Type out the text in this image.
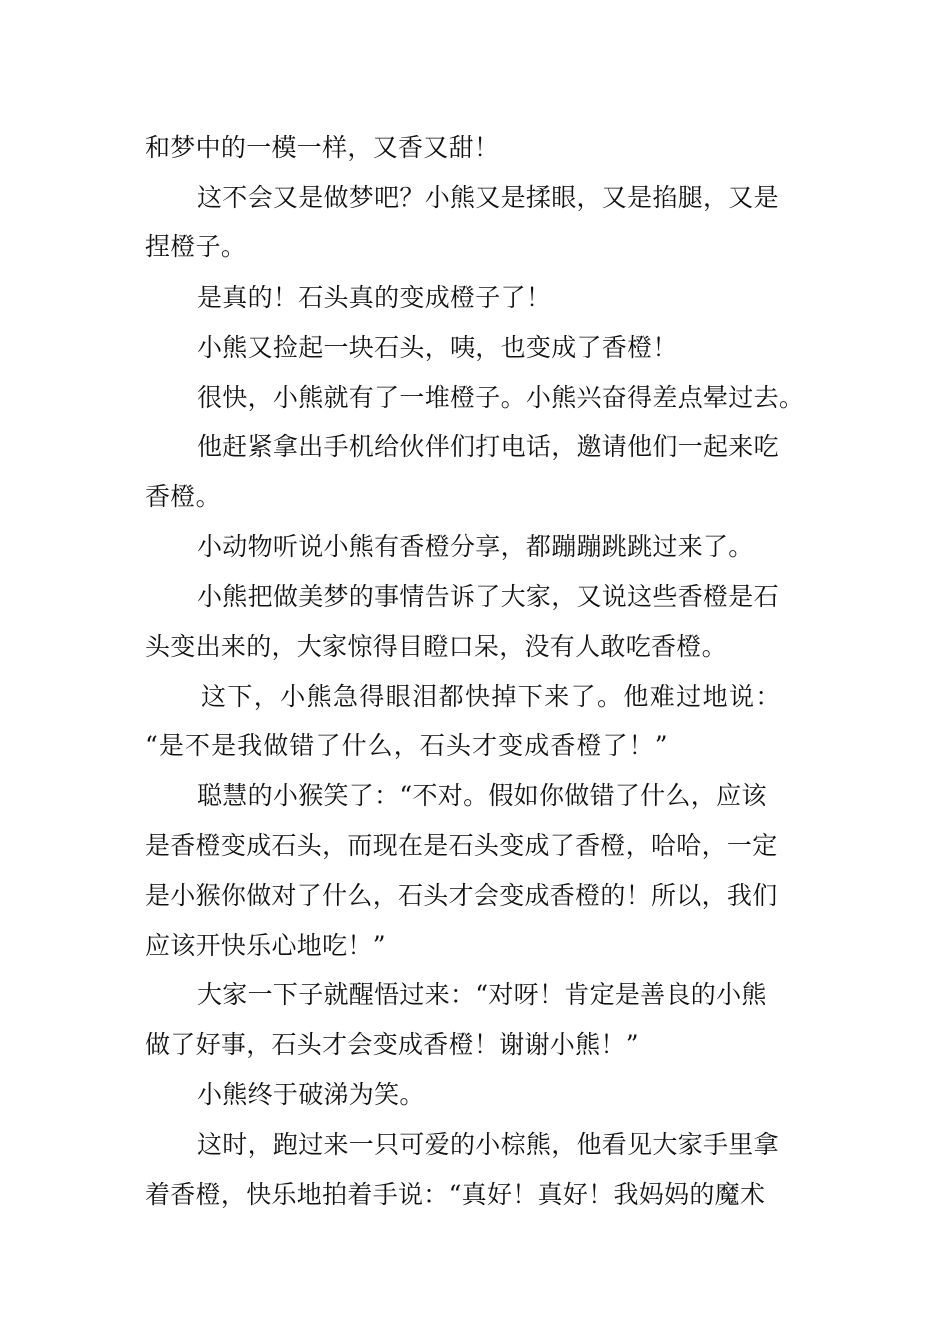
和梦中的一模一样，又香又甜！
这不会又是做梦吧？小熊又是揉眼，又是掐腿，又是
捏橙子。
是真的！石头真的变成橙子了！
小熊又捡起一块石头，咦，也变成了香橙！
很快，小熊就有了一堆橙子。小熊兴奋得差点晕过去。
他赶紧拿出手机给伙伴们打电话，邀请他们一起来吃
香橙。
小动物听说小熊有香橙分享，都蹦蹦跳跳过来了。
小熊把做美梦的事情告诉了大家，又说这些香橙是石
头变出来的，大家惊得目瞪口呆，没有人敢吃香橙。
这下，小熊急得眼泪都快掉下来了。他难过地说：
“是不是我做错了什么，石头才变成香橙了！”
聪慧的小猴笑了：“不对。假如你做错了什么，应该
是香橙变成石头，而现在是石头变成了香橙，哈哈，一定
是小猴你做对了什么，石头才会变成香橙的！所以，我们
应该开快乐心地吃！”
大家一下子就醒悟过来：“对呀！肯定是善良的小熊
做了好事，石头才会变成香橙！谢谢小熊！”
小熊终于破涕为笑。
这时，跑过来一只可爱的小棕熊，他看见大家手里拿
着香橙，快乐地拍着手说：“真好！真好！我妈妈的魔术
